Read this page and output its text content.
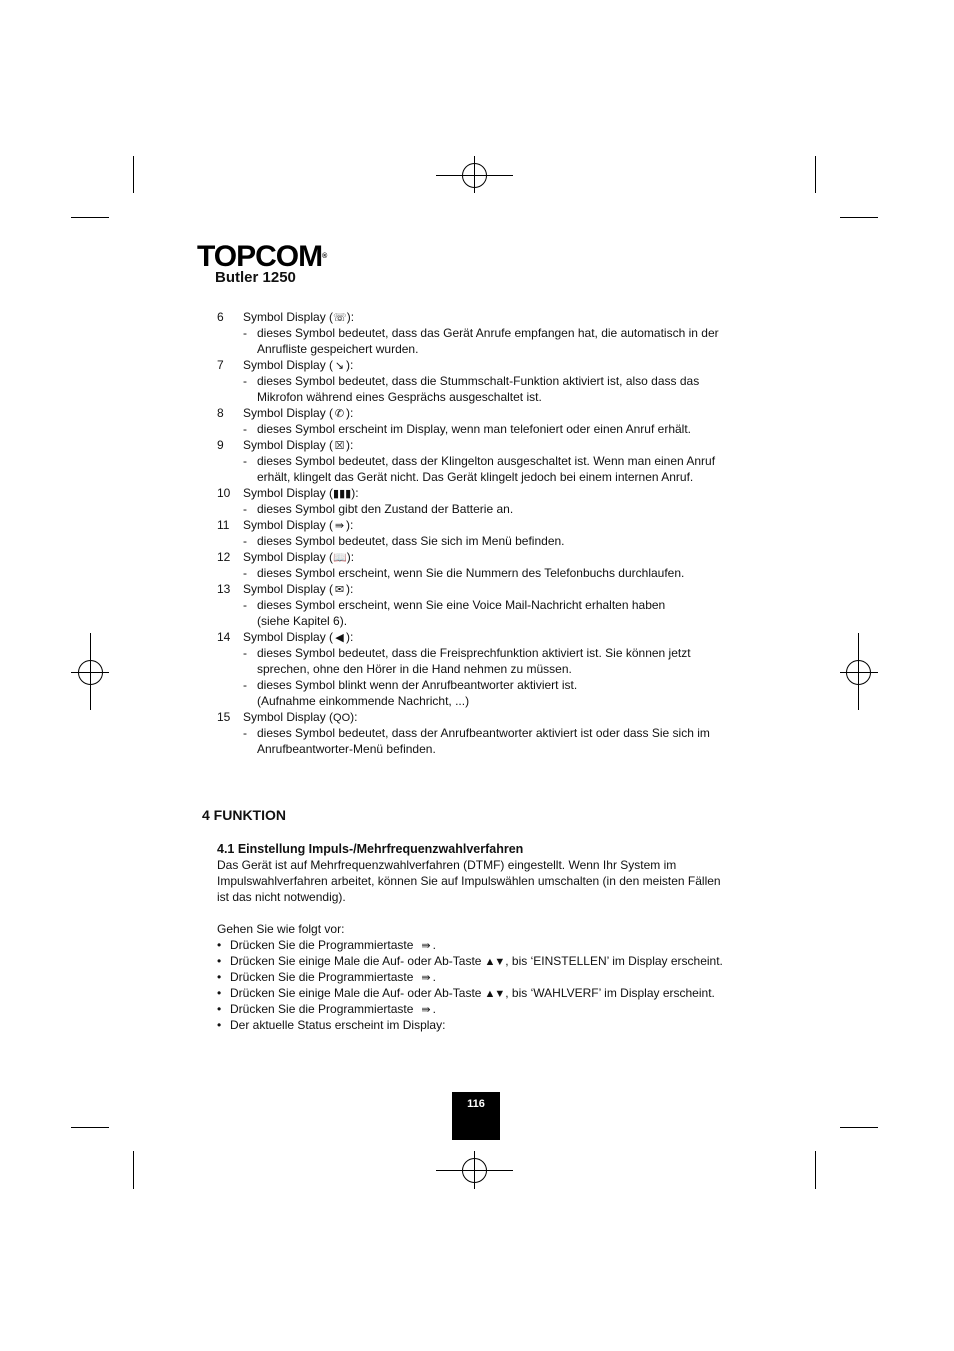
TOPCOM®
Butler 1250
6 Symbol Display (☏):
- dieses Symbol bedeutet, dass das Gerät Anrufe empfangen hat, die automatisch in der
Anrufliste gespeichert wurden.
7 Symbol Display ( ↘ ):
- dieses Symbol bedeutet, dass die Stummschalt-Funktion aktiviert ist, also dass das
Mikrofon während eines Gesprächs ausgeschaltet ist.
8 Symbol Display ( ✆ ):
- dieses Symbol erscheint im Display, wenn man telefoniert oder einen Anruf erhält.
9 Symbol Display ( ☒ ):
- dieses Symbol bedeutet, dass der Klingelton ausgeschaltet ist. Wenn man einen Anruf
erhält, klingelt das Gerät nicht. Das Gerät klingelt jedoch bei einem internen Anruf.
10 Symbol Display (▮▮▮):
- dieses Symbol gibt den Zustand der Batterie an.
11 Symbol Display ( ⇛ ):
- dieses Symbol bedeutet, dass Sie sich im Menü befinden.
12 Symbol Display (📖):
- dieses Symbol erscheint, wenn Sie die Nummern des Telefonbuchs durchlaufen.
13 Symbol Display ( ✉ ):
- dieses Symbol erscheint, wenn Sie eine Voice Mail-Nachricht erhalten haben
(siehe Kapitel 6).
14 Symbol Display ( ◀ ):
- dieses Symbol bedeutet, dass die Freisprechfunktion aktiviert ist. Sie können jetzt
sprechen, ohne den Hörer in die Hand nehmen zu müssen.
- dieses Symbol blinkt wenn der Anrufbeantworter aktiviert ist.
(Aufnahme einkommende Nachricht, ...)
15 Symbol Display (QO):
- dieses Symbol bedeutet, dass der Anrufbeantworter aktiviert ist oder dass Sie sich im
Anrufbeantworter-Menü befinden.
4 FUNKTION
4.1 Einstellung Impuls-/Mehrfrequenzwahlverfahren
Das Gerät ist auf Mehrfrequenzwahlverfahren (DTMF) eingestellt. Wenn Ihr System im
Impulswahlverfahren arbeitet, können Sie auf Impulswählen umschalten (in den meisten Fällen
ist das nicht notwendig).
Gehen Sie wie folgt vor:
• Drücken Sie die Programmiertaste ⇛ .
• Drücken Sie einige Male die Auf- oder Ab-Taste ▲▼, bis ‘EINSTELLEN’ im Display erscheint.
• Drücken Sie die Programmiertaste ⇛ .
• Drücken Sie einige Male die Auf- oder Ab-Taste ▲▼, bis ‘WAHLVERF’ im Display erscheint.
• Drücken Sie die Programmiertaste ⇛ .
• Der aktuelle Status erscheint im Display:
116
